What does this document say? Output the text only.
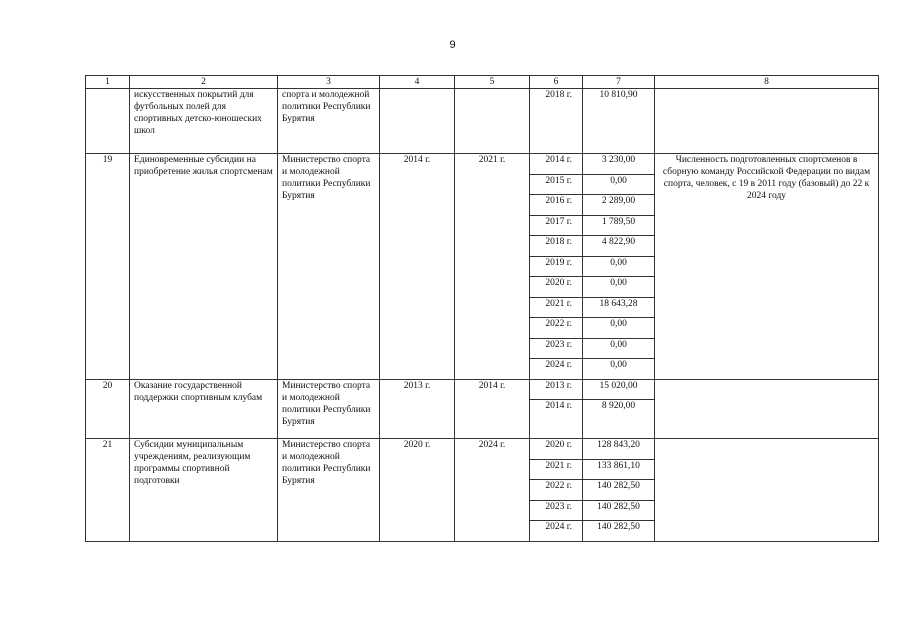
9
1	2	3	4	5	6	7	8
	искусственных покрытий для футбольных полей для спортивных детско-юношеских школ	спорта и молодежной политики Республики Бурятия			2018 г.	10 810,90	
19	Единовременные субсидии на приобретение жилья спортсменам	Министерство спорта и молодежной политики Республики Бурятия	2014 г.	2021 г.	2014 г.	3 230,00	Численность подготовленных спортсменов в сборную команду Российской Федерации по видам спорта, человек, с 19 в 2011 году (базовый) до 22 к 2024 году
					2015 г.	0,00	
					2016 г.	2 289,00	
					2017 г.	1 789,50	
					2018 г.	4 822,90	
					2019 г.	0,00	
					2020 г.	0,00	
					2021 г.	18 643,28	
					2022 г.	0,00	
					2023 г.	0,00	
					2024 г.	0,00	
20	Оказание государственной поддержки спортивным клубам	Министерство спорта и молодежной политики Республики Бурятия	2013 г.	2014 г.	2013 г.	15 020,00	
					2014 г.	8 920,00	
21	Субсидии муниципальным учреждениям, реализующим программы спортивной подготовки	Министерство спорта и молодежной политики Республики Бурятия	2020 г.	2024 г.	2020 г.	128 843,20	
					2021 г.	133 861,10	
					2022 г.	140 282,50	
					2023 г.	140 282,50	
					2024 г.	140 282,50	
